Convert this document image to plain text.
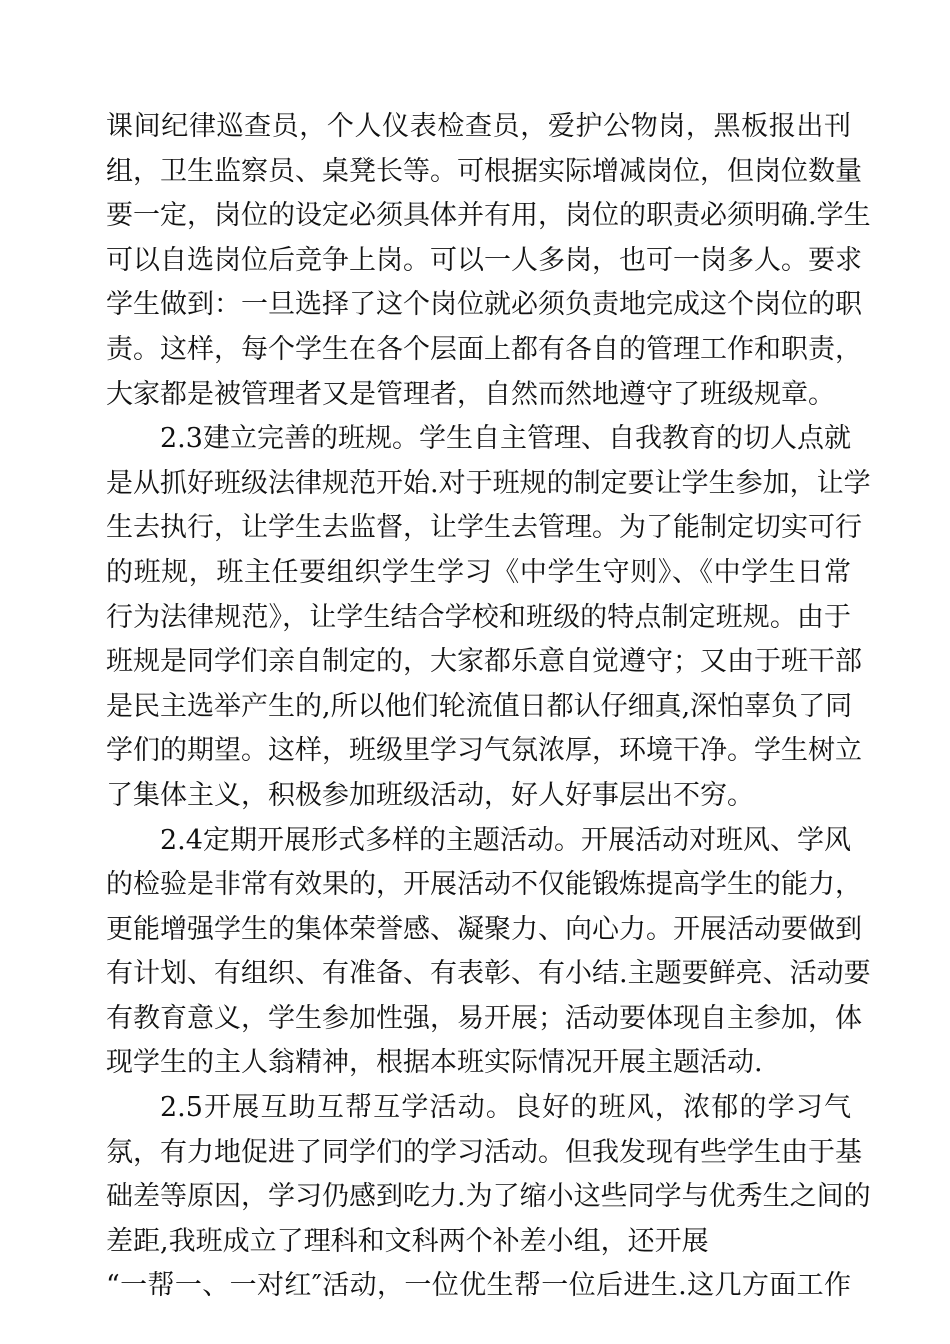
课间纪律巡查员，个人仪表检查员，爱护公物岗，黑板报出刊
组，卫生监察员、桌凳长等。可根据实际增减岗位，但岗位数量
要一定，岗位的设定必须具体并有用，岗位的职责必须明确.学生
可以自选岗位后竞争上岗。可以一人多岗，也可一岗多人。要求
学生做到：一旦选择了这个岗位就必须负责地完成这个岗位的职
责。这样，每个学生在各个层面上都有各自的管理工作和职责，
大家都是被管理者又是管理者，自然而然地遵守了班级规章。
2.3建立完善的班规。学生自主管理、自我教育的切人点就
是从抓好班级法律规范开始.对于班规的制定要让学生参加，让学
生去执行，让学生去监督，让学生去管理。为了能制定切实可行
的班规，班主任要组织学生学习《中学生守则》、《中学生日常
行为法律规范》，让学生结合学校和班级的特点制定班规。由于
班规是同学们亲自制定的，大家都乐意自觉遵守；又由于班干部
是民主选举产生的,所以他们轮流值日都认仔细真,深怕辜负了同
学们的期望。这样，班级里学习气氛浓厚，环境干净。学生树立
了集体主义，积极参加班级活动，好人好事层出不穷。
2.4定期开展形式多样的主题活动。开展活动对班风、学风
的检验是非常有效果的，开展活动不仅能锻炼提高学生的能力，
更能增强学生的集体荣誉感、凝聚力、向心力。开展活动要做到
有计划、有组织、有准备、有表彰、有小结.主题要鲜亮、活动要
有教育意义，学生参加性强，易开展；活动要体现自主参加，体
现学生的主人翁精神，根据本班实际情况开展主题活动.
2.5开展互助互帮互学活动。良好的班风，浓郁的学习气
氛，有力地促进了同学们的学习活动。但我发现有些学生由于基
础差等原因，学习仍感到吃力.为了缩小这些同学与优秀生之间的
差距,我班成立了理科和文科两个补差小组，还开展
“一帮一、一对红″活动，一位优生帮一位后进生.这几方面工作
